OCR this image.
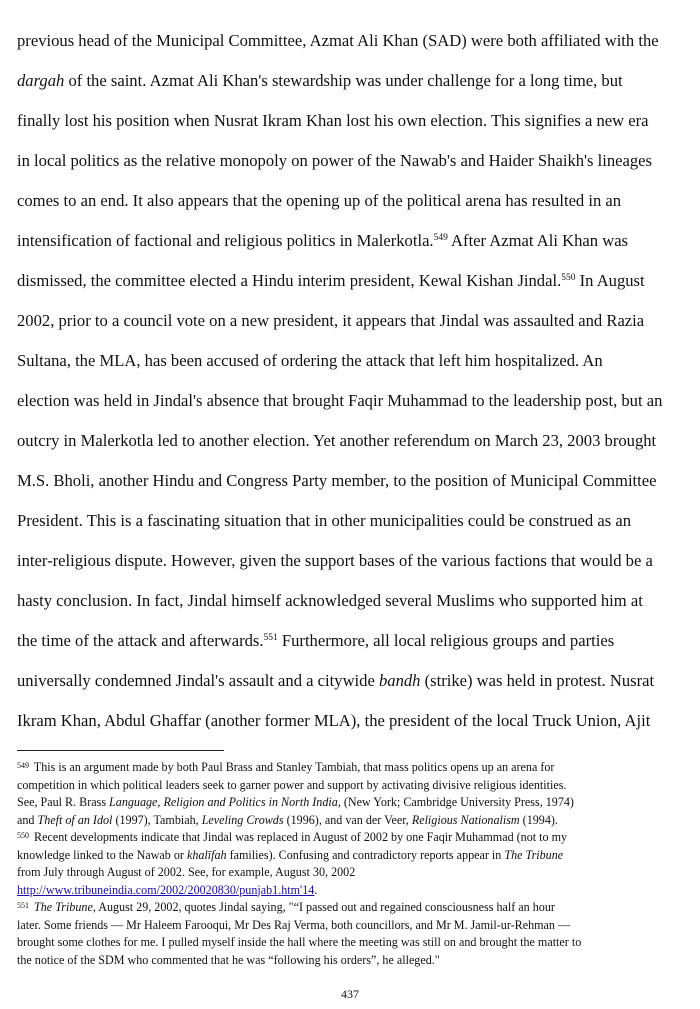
previous head of the Municipal Committee, Azmat Ali Khan (SAD) were both affiliated with the
dargah of the saint. Azmat Ali Khan's stewardship was under challenge for a long time, but
finally lost his position when Nusrat Ikram Khan lost his own election. This signifies a new era
in local politics as the relative monopoly on power of the Nawab's and Haider Shaikh's lineages
comes to an end. It also appears that the opening up of the political arena has resulted in an
intensification of factional and religious politics in Malerkotla.$^{549}$ After Azmat Ali Khan was
dismissed, the committee elected a Hindu interim president, Kewal Kishan Jindal.$^{550}$ In August
2002, prior to a council vote on a new president, it appears that Jindal was assaulted and Razia
Sultana, the MLA, has been accused of ordering the attack that left him hospitalized. An
election was held in Jindal's absence that brought Faqir Muhammad to the leadership post, but an
outcry in Malerkotla led to another election. Yet another referendum on March 23, 2003 brought
M.S. Bholi, another Hindu and Congress Party member, to the position of Municipal Committee
President. This is a fascinating situation that in other municipalities could be construed as an
inter-religious dispute. However, given the support bases of the various factions that would be a
hasty conclusion. In fact, Jindal himself acknowledged several Muslims who supported him at
the time of the attack and afterwards.$^{551}$ Furthermore, all local religious groups and parties
universally condemned Jindal's assault and a citywide bandh (strike) was held in protest. Nusrat
Ikram Khan, Abdul Ghaffar (another former MLA), the president of the local Truck Union, Ajit
$^{549}$ This is an argument made by both Paul Brass and Stanley Tambiah, that mass politics opens up an arena for
competition in which political leaders seek to garner power and support by activating divisive religious identities.
See, Paul R. Brass Language, Religion and Politics in North India, (New York; Cambridge University Press, 1974)
and Theft of an Idol (1997), Tambiah, Leveling Crowds (1996), and van der Veer, Religious Nationalism (1994).
$^{550}$ Recent developments indicate that Jindal was replaced in August of 2002 by one Faqir Muhammad (not to my
knowledge linked to the Nawab or khalīfah families). Confusing and contradictory reports appear in The Tribune
from July through August of 2002. See, for example, August 30, 2002
http://www.tribuneindia.com/2002/20020830/punjab1.htm'14.
$^{551}$ The Tribune, August 29, 2002, quotes Jindal saying, "“I passed out and regained consciousness half an hour
later. Some friends — Mr Haleem Farooqui, Mr Des Raj Verma, both councillors, and Mr M. Jamil-ur-Rehman —
brought some clothes for me. I pulled myself inside the hall where the meeting was still on and brought the matter to
the notice of the SDM who commented that he was “following his orders”, he alleged."
437
